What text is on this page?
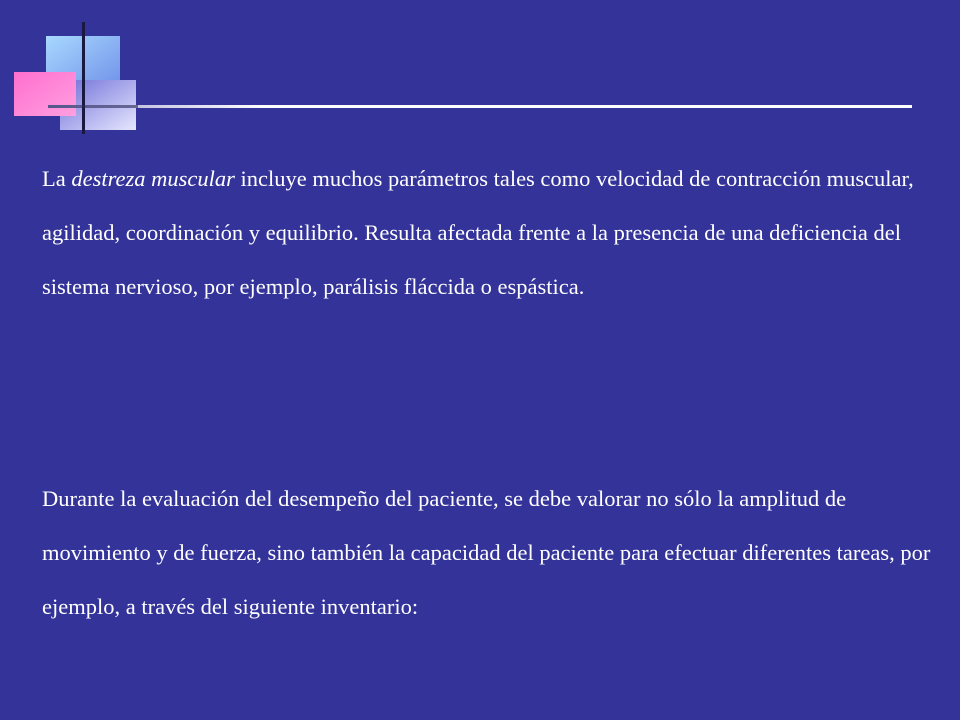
La destreza muscular incluye muchos parámetros tales como velocidad de contracción muscular, agilidad, coordinación y equilibrio. Resulta afectada frente a la presencia de una deficiencia del sistema nervioso, por ejemplo, parálisis fláccida o espástica.

Durante la evaluación del desempeño del paciente, se debe valorar no sólo la amplitud de movimiento y de fuerza, sino también la capacidad del paciente para efectuar diferentes tareas, por ejemplo, a través del siguiente inventario:
